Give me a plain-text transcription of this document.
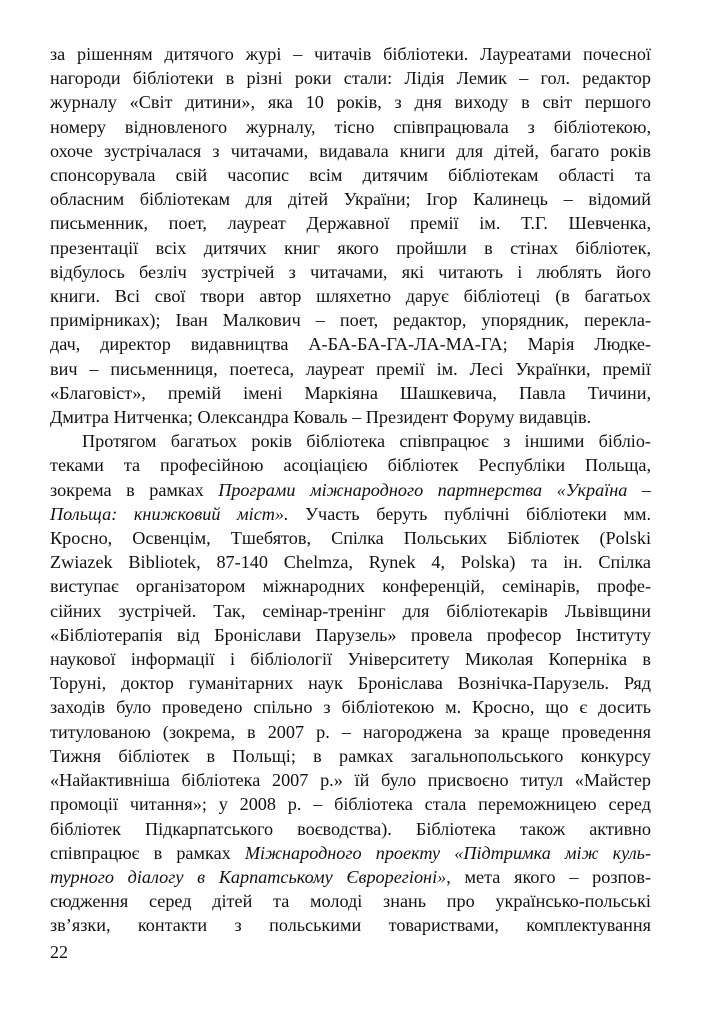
за рішенням дитячого журі – читачів бібліотеки. Лауреатами почесної
нагороди бібліотеки в різні роки стали: Лідія Лемик – гол. редактор
журналу «Світ дитини», яка 10 років, з дня виходу в світ першого
номеру відновленого журналу, тісно співпрацювала з бібліотекою,
охоче зустрічалася з читачами, видавала книги для дітей, багато років
спонсорувала свій часопис всім дитячим бібліотекам області та
обласним бібліотекам для дітей України; Ігор Калинець – відомий
письменник, поет, лауреат Державної премії ім. Т.Г. Шевченка,
презентації всіх дитячих книг якого пройшли в стінах бібліотек,
відбулось безліч зустрічей з читачами, які читають і люблять його
книги. Всі свої твори автор шляхетно дарує бібліотеці (в багатьох
примірниках); Іван Малкович – поет, редактор, упорядник, перекла-
дач, директор видавництва А-БА-БА-ГА-ЛА-МА-ГА; Марія Людке-
вич – письменниця, поетеса, лауреат премії ім. Лесі Українки, премії
«Благовіст», премій імені Маркіяна Шашкевича, Павла Тичини,
Дмитра Нитченка; Олександра Коваль – Президент Форуму видавців.
Протягом багатьох років бібліотека співпрацює з іншими бібліо-
теками та професійною асоціацією бібліотек Республіки Польща,
зокрема в рамках Програми міжнародного партнерства «Україна –
Польща: книжковий міст». Участь беруть публічні бібліотеки мм.
Кросно, Освенцім, Тшебятов, Спілка Польських Бібліотек (Polski
Zwiazek Bibliotek, 87-140 Chelmza, Rynek 4, Polska) та ін. Спілка
виступає організатором міжнародних конференцій, семінарів, профе-
сійних зустрічей. Так, семінар-тренінг для бібліотекарів Львівщини
«Бібліотерапія від Броніслави Парузель» провела професор Інституту
наукової інформації і бібліології Університету Миколая Коперніка в
Торуні, доктор гуманітарних наук Броніслава Вознічка-Парузель. Ряд
заходів було проведено спільно з бібліотекою м. Кросно, що є досить
титулованою (зокрема, в 2007 р. – нагороджена за краще проведення
Тижня бібліотек в Польщі; в рамках загальнопольського конкурсу
«Найактивніша бібліотека 2007 р.» їй було присвоєно титул «Майстер
промоції читання»; у 2008 р. – бібліотека стала переможницею серед
бібліотек Підкарпатського воєводства). Бібліотека також активно
співпрацює в рамках Міжнародного проекту «Підтримка між куль-
турного діалогу в Карпатському Єврорегіоні», мета якого – розпов-
сюдження серед дітей та молоді знань про українсько-польські
зв’язки, контакти з польськими товариствами, комплектування
22
